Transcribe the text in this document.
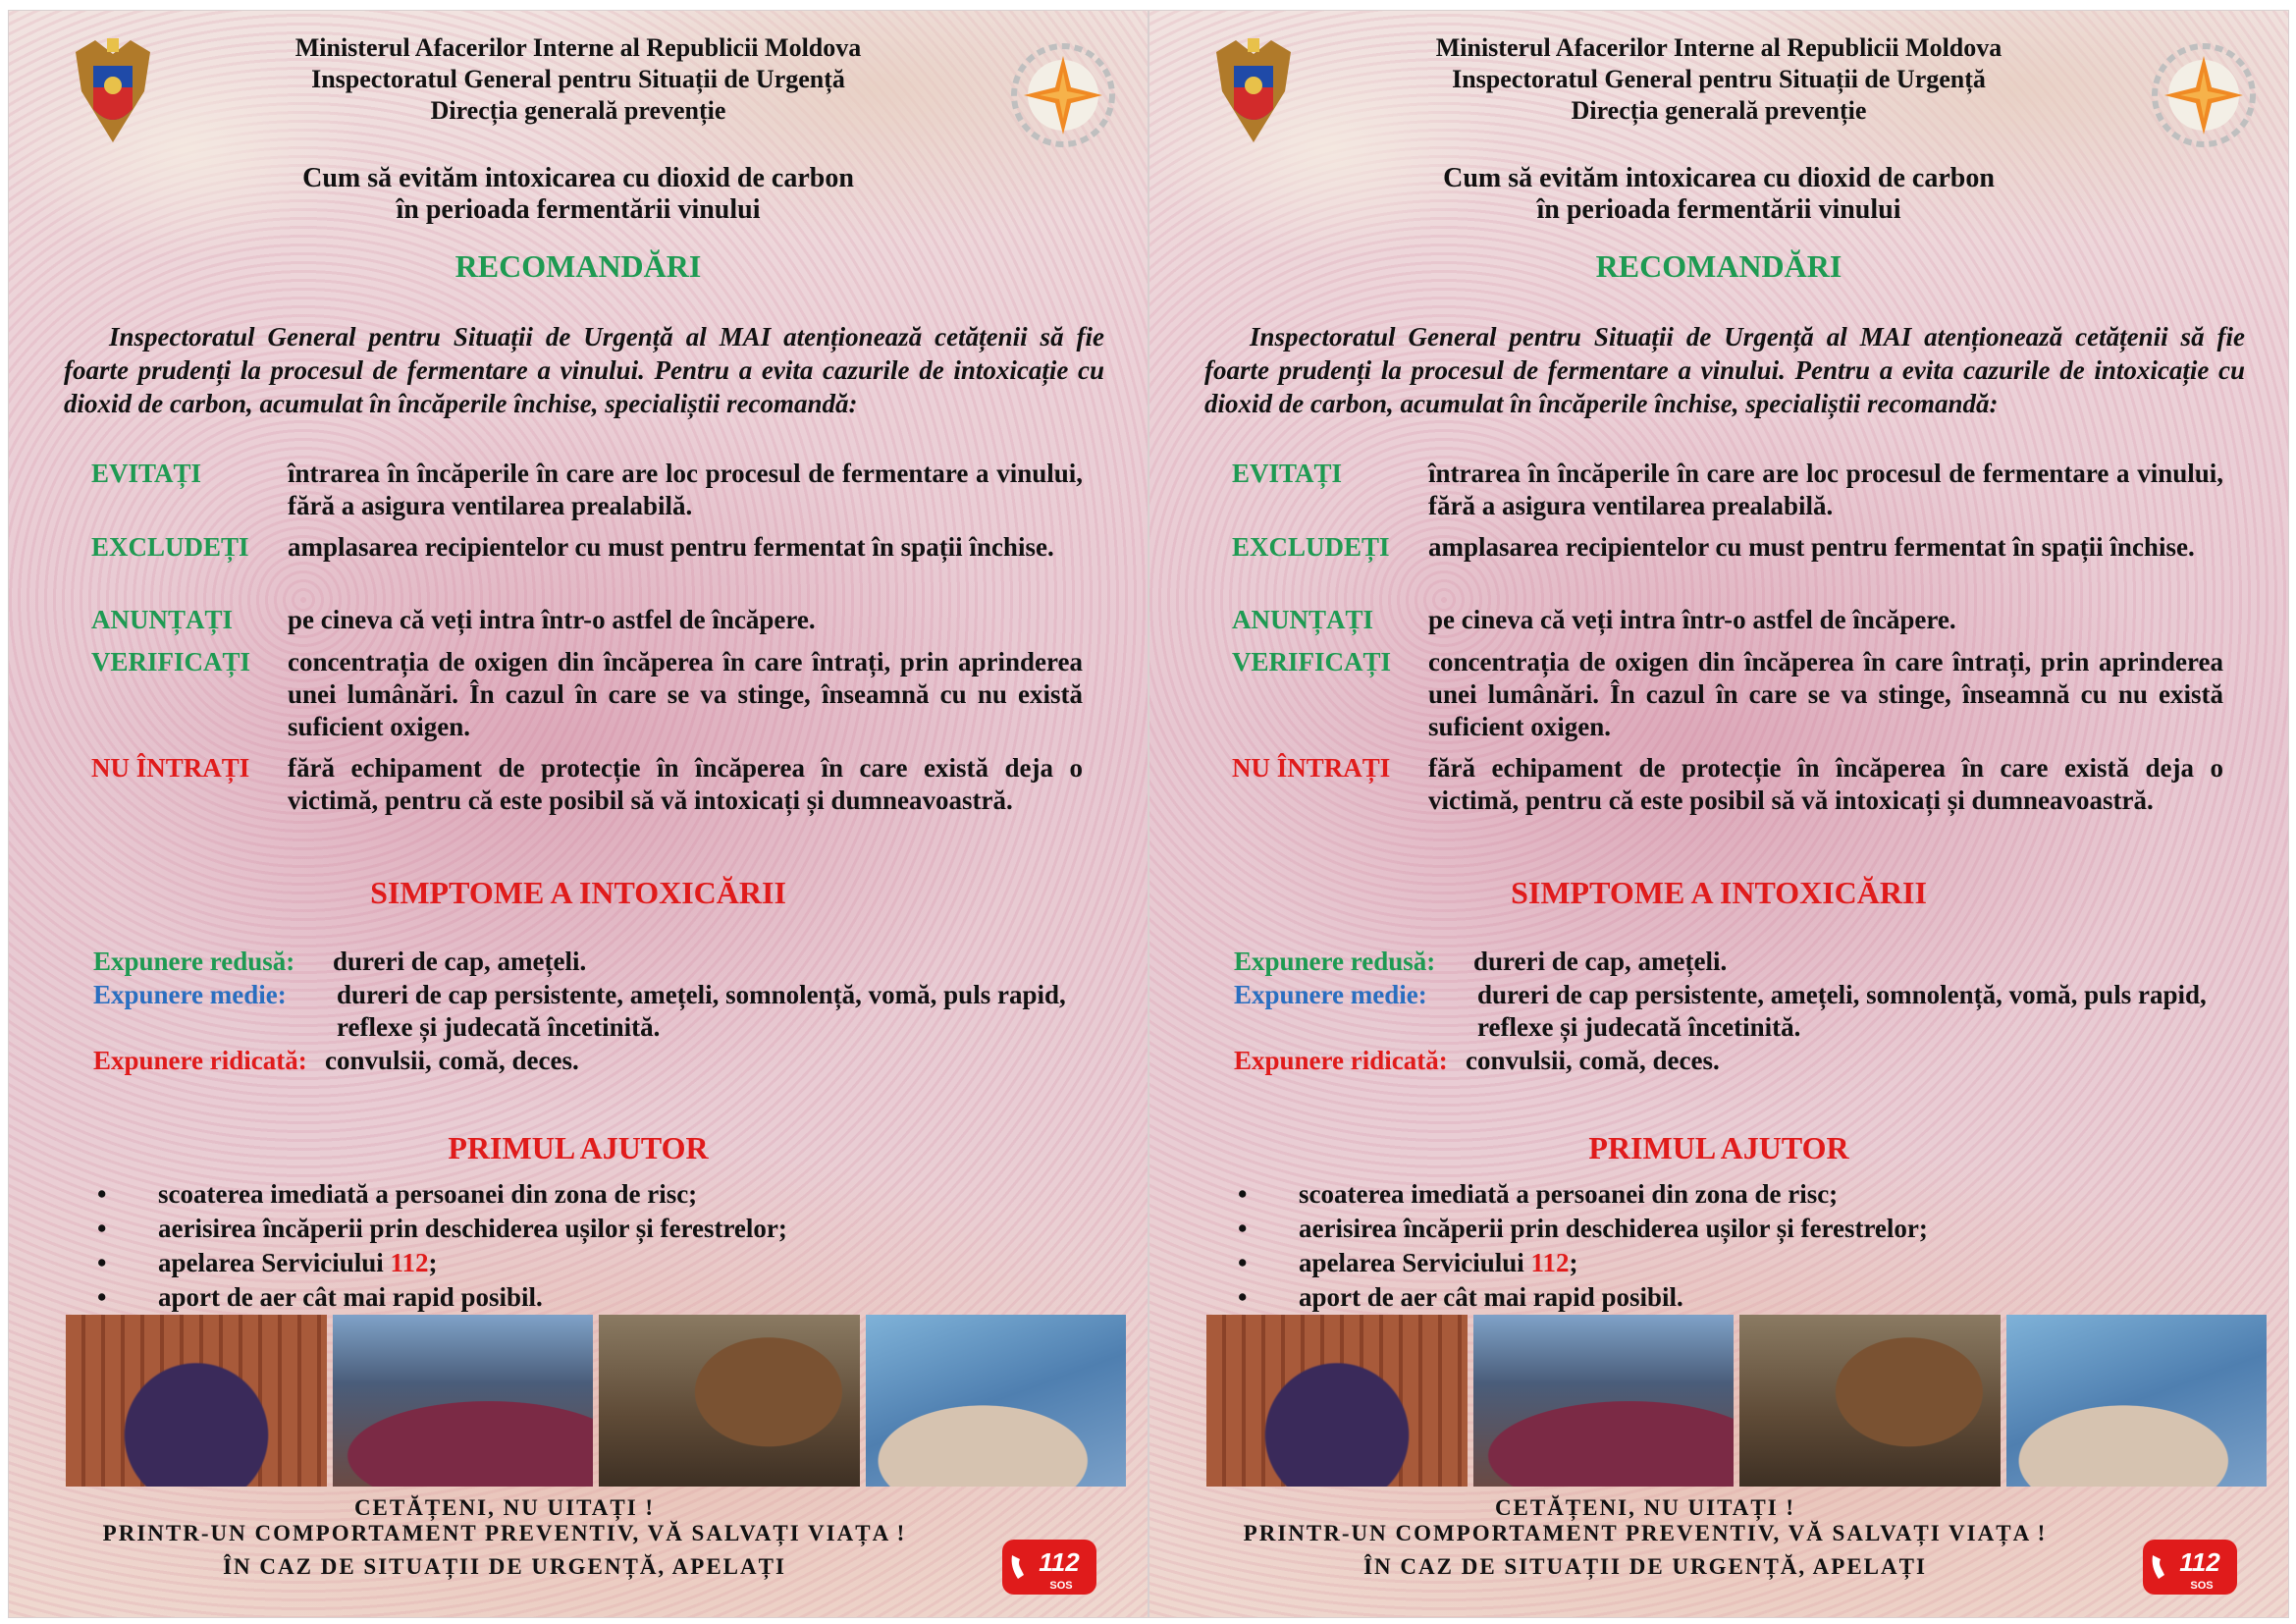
Ministerul Afacerilor Interne al Republicii Moldova
Inspectoratul General pentru Situații de Urgență
Direcția generală prevenție
Cum să evităm intoxicarea cu dioxid de carbon
în perioada fermentării vinului
RECOMANDĂRI
Inspectoratul General pentru Situații de Urgență al MAI atenționează cetățenii să fie foarte prudenți la procesul de fermentare a vinului. Pentru a evita cazurile de intoxicație cu dioxid de carbon, acumulat în încăperile închise, specialiștii recomandă:
EVITAȚI	întrarea în încăperile în care are loc procesul de fermentare a vinului, fără a asigura ventilarea prealabilă.
EXCLUDEȚI	amplasarea recipientelor cu must pentru fermentat în spații închise.
ANUNȚAȚI	pe cineva că veți intra într-o astfel de încăpere.
VERIFICAȚI	concentrația de oxigen din încăperea în care întrați, prin aprinderea unei lumânări. În cazul în care se va stinge, înseamnă cu nu există suficient oxigen.
NU ÎNTRAȚI	fără echipament de protecție în încăperea în care există deja o victimă, pentru că este posibil să vă intoxicați și dumneavoastră.
SIMPTOME A INTOXICĂRII
Expunere redusă:	dureri de cap, amețeli.
Expunere medie:	dureri de cap persistente, amețeli, somnolență, vomă, puls rapid, reflexe și judecată încetinită.
Expunere ridicată: convulsii, comă, deces.
PRIMUL AJUTOR
• scoaterea imediată a persoanei din zona de risc;
• aerisirea încăperii prin deschiderea ușilor și ferestrelor;
• apelarea Serviciului 112;
• aport de aer cât mai rapid posibil.
CETĂȚENI, NU UITAȚI !
PRINTR-UN COMPORTAMENT PREVENTIV, VĂ SALVAȚI VIAȚA !
ÎN CAZ DE SITUAȚII DE URGENȚĂ, APELAȚI	112
SOS
Ministerul Afacerilor Interne al Republicii Moldova
Inspectoratul General pentru Situații de Urgență
Direcția generală prevenție
Cum să evităm intoxicarea cu dioxid de carbon
în perioada fermentării vinului
RECOMANDĂRI
Inspectoratul General pentru Situații de Urgență al MAI atenționează cetățenii să fie foarte prudenți la procesul de fermentare a vinului. Pentru a evita cazurile de intoxicație cu dioxid de carbon, acumulat în încăperile închise, specialiștii recomandă:
EVITAȚI	întrarea în încăperile în care are loc procesul de fermentare a vinului, fără a asigura ventilarea prealabilă.
EXCLUDEȚI	amplasarea recipientelor cu must pentru fermentat în spații închise.
ANUNȚAȚI	pe cineva că veți intra într-o astfel de încăpere.
VERIFICAȚI	concentrația de oxigen din încăperea în care întrați, prin aprinderea unei lumânări. În cazul în care se va stinge, înseamnă cu nu există suficient oxigen.
NU ÎNTRAȚI	fără echipament de protecție în încăperea în care există deja o victimă, pentru că este posibil să vă intoxicați și dumneavoastră.
SIMPTOME A INTOXICĂRII
Expunere redusă:	dureri de cap, amețeli.
Expunere medie:	dureri de cap persistente, amețeli, somnolență, vomă, puls rapid, reflexe și judecată încetinită.
Expunere ridicată: convulsii, comă, deces.
PRIMUL AJUTOR
• scoaterea imediată a persoanei din zona de risc;
• aerisirea încăperii prin deschiderea ușilor și ferestrelor;
• apelarea Serviciului 112;
• aport de aer cât mai rapid posibil.
CETĂȚENI, NU UITAȚI !
PRINTR-UN COMPORTAMENT PREVENTIV, VĂ SALVAȚI VIAȚA !
ÎN CAZ DE SITUAȚII DE URGENȚĂ, APELAȚI	112
SOS
